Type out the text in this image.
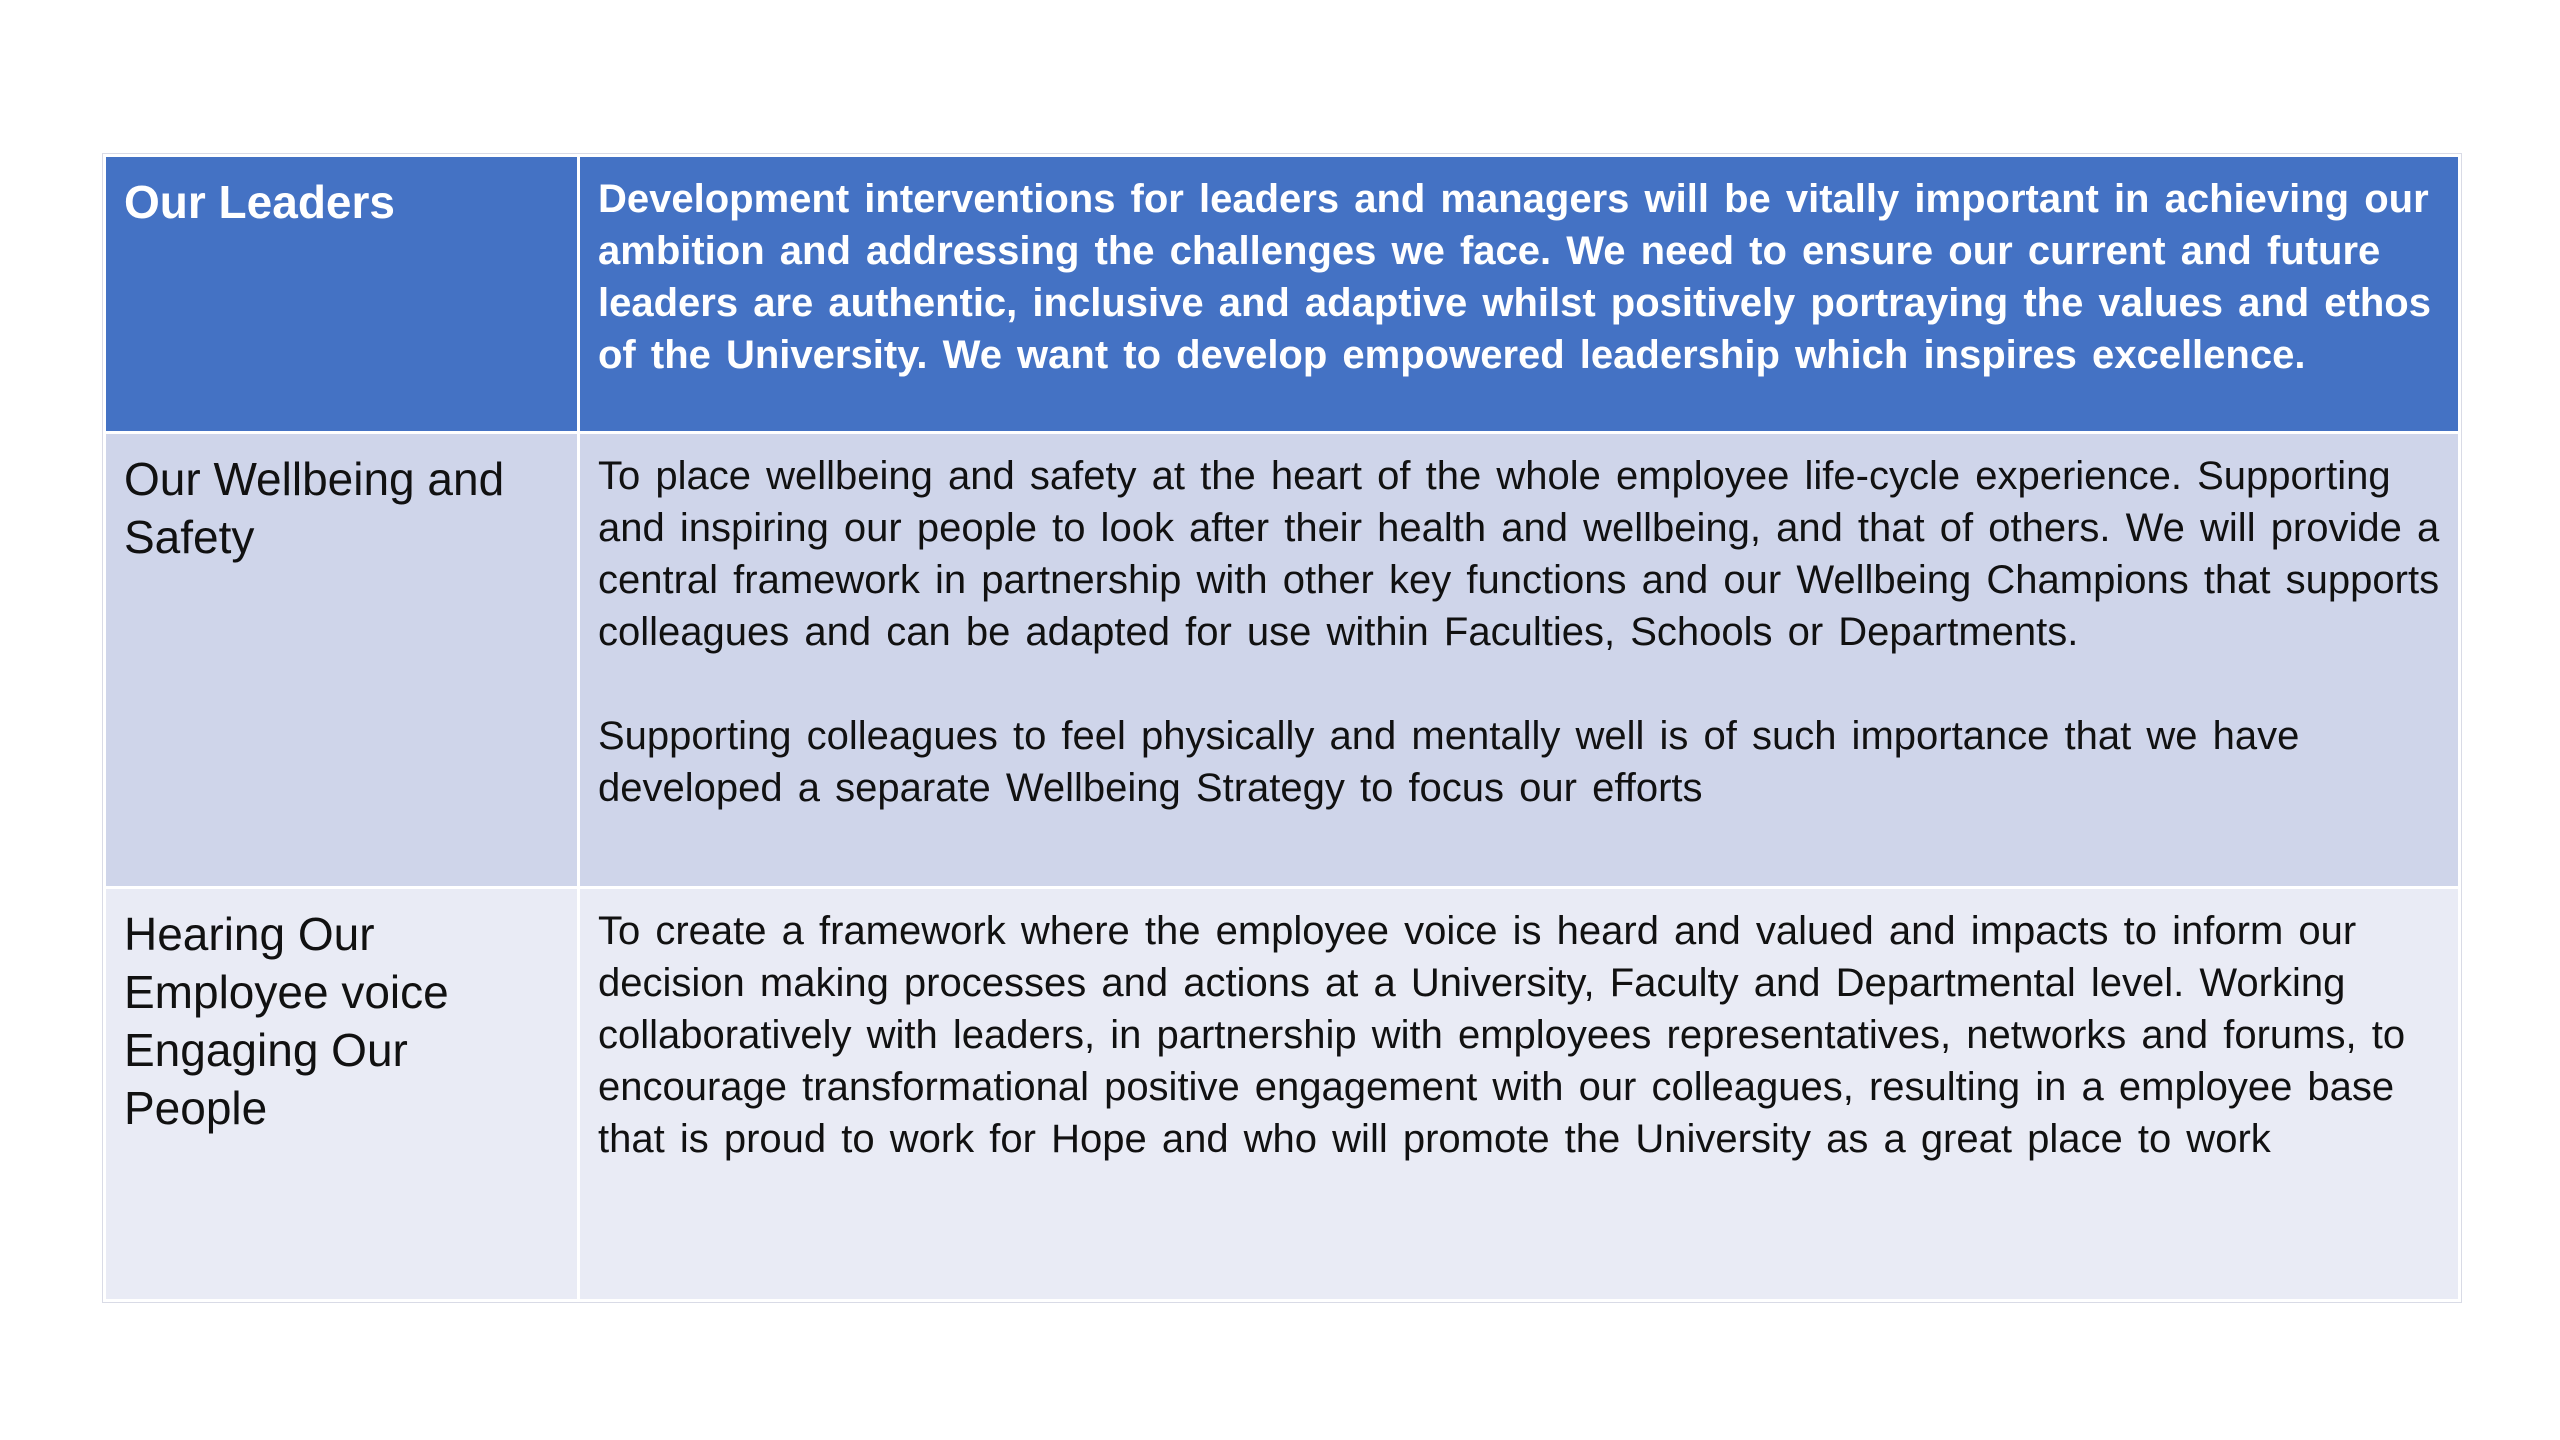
Our Leaders	Development interventions for leaders and managers will be vitally important in achieving our ambition and addressing the challenges we face. We need to ensure our current and future leaders are authentic, inclusive and adaptive whilst positively portraying the values and ethos of the University. We want to develop empowered leadership which inspires excellence.

Our Wellbeing and Safety	To place wellbeing and safety at the heart of the whole employee life-cycle experience. Supporting and inspiring our people to look after their health and wellbeing, and that of others. We will provide a central framework in partnership with other key functions and our Wellbeing Champions that supports colleagues and can be adapted for use within Faculties, Schools or Departments.

Supporting colleagues to feel physically and mentally well is of such importance that we have developed a separate Wellbeing Strategy to focus our efforts

Hearing Our Employee voice Engaging Our People	To create a framework where the employee voice is heard and valued and impacts to inform our decision making processes and actions at a University, Faculty and Departmental level. Working collaboratively with leaders, in partnership with employees representatives, networks and forums, to encourage transformational positive engagement with our colleagues, resulting in a employee base that is proud to work for Hope and who will promote the University as a great place to work
